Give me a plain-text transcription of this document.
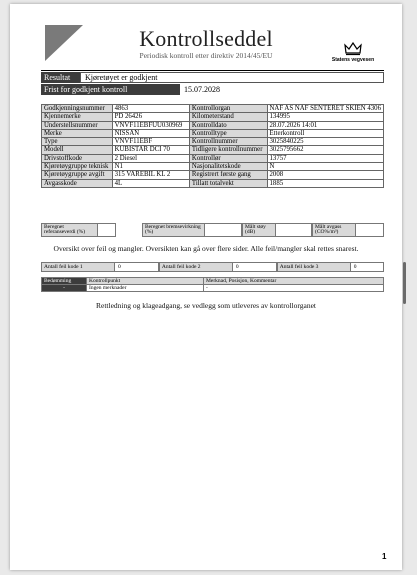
Kontrollseddel
Periodisk kontroll etter direktiv 2014/45/EU	Statens vegvesen
Resultat	Kjøretøyet er godkjent
Frist for godkjent kontroll	15.07.2028
Godkjenningsnummer	4863	Kontrollorgan	NAF AS NAF SENTERET SKIEN 4306
Kjennemerke	PD 26426	Kilometerstand	134995
Understellsnummer	VNVF11EBFUU030969	Kontrolldato	28.07.2026 14:01
Merke	NISSAN	Kontrolltype	Etterkontroll
Type	VNVF11EBF	Kontrollnummer	3025840225
Modell	KUBISTAR DCI 70	Tidligere kontrollnummer	3025795662
Drivstoffkode	2 Diesel	Kontrollør	13757
Kjøretøygruppe teknisk	N1	Nasjonalitetskode	N
Kjøretøygruppe avgift	315 VAREBIL KL 2	Registrert første gang	2008
Avgasskode	4L	Tillatt totalvekt	1885
Beregnet referanseverdi (%)
Beregnet bremsevirkning (%)
Målt støy (dB)
Målt avgass (CO%/m³)
Oversikt over feil og mangler. Oversikten kan gå over flere sider. Alle feil/mangler skal rettes snarest.
Antall feil kode 1	0	Antall feil kode 2	0	Antall feil kode 3	0
Bedømming	Kontrollpunkt	Merknad, Posisjon, Kommentar
-	Ingen merknader	-
Rettledning og klageadgang, se vedlegg som utleveres av kontrollorganet
1
